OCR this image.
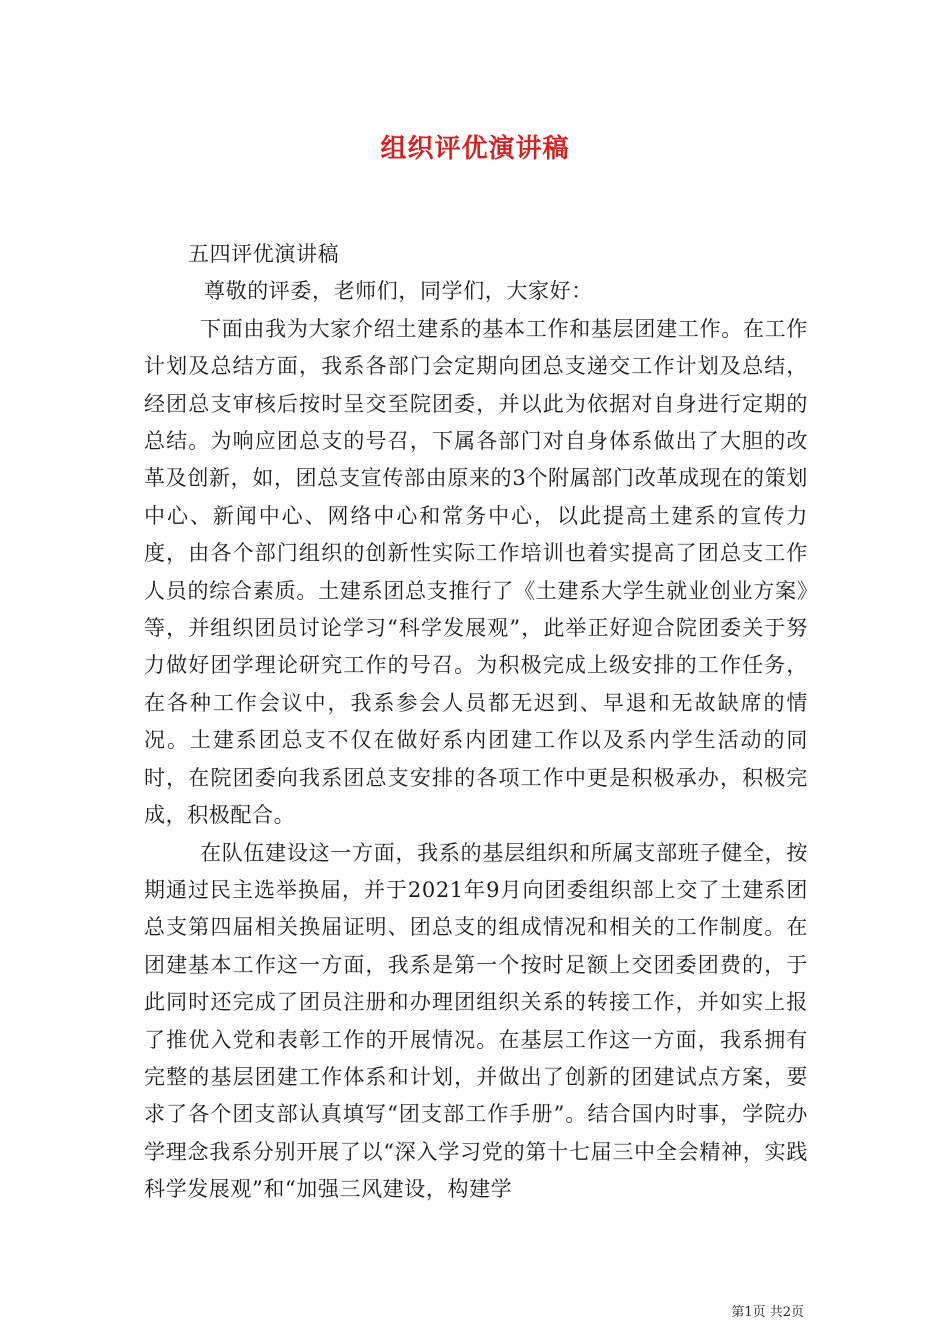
组织评优演讲稿

五四评优演讲稿

尊敬的评委，老师们，同学们，大家好：

下面由我为大家介绍土建系的基本工作和基层团建工作。在工作计划及总结方面，我系各部门会定期向团总支递交工作计划及总结，经团总支审核后按时呈交至院团委，并以此为依据对自身进行定期的总结。为响应团总支的号召，下属各部门对自身体系做出了大胆的改革及创新，如，团总支宣传部由原来的3个附属部门改革成现在的策划中心、新闻中心、网络中心和常务中心，以此提高土建系的宣传力度，由各个部门组织的创新性实际工作培训也着实提高了团总支工作人员的综合素质。土建系团总支推行了《土建系大学生就业创业方案》等，并组织团员讨论学习“科学发展观”，此举正好迎合院团委关于努力做好团学理论研究工作的号召。为积极完成上级安排的工作任务，在各种工作会议中，我系参会人员都无迟到、早退和无故缺席的情况。土建系团总支不仅在做好系内团建工作以及系内学生活动的同时，在院团委向我系团总支安排的各项工作中更是积极承办，积极完成，积极配合。

在队伍建设这一方面，我系的基层组织和所属支部班子健全，按期通过民主选举换届，并于2021年9月向团委组织部上交了土建系团总支第四届相关换届证明、团总支的组成情况和相关的工作制度。在团建基本工作这一方面，我系是第一个按时足额上交团委团费的，于此同时还完成了团员注册和办理团组织关系的转接工作，并如实上报了推优入党和表彰工作的开展情况。在基层工作这一方面，我系拥有完整的基层团建工作体系和计划，并做出了创新的团建试点方案，要求了各个团支部认真填写“团支部工作手册”。结合国内时事，学院办学理念我系分别开展了以“深入学习党的第十七届三中全会精神，实践科学发展观”和“加强三风建设，构建学

第1页 共2页
